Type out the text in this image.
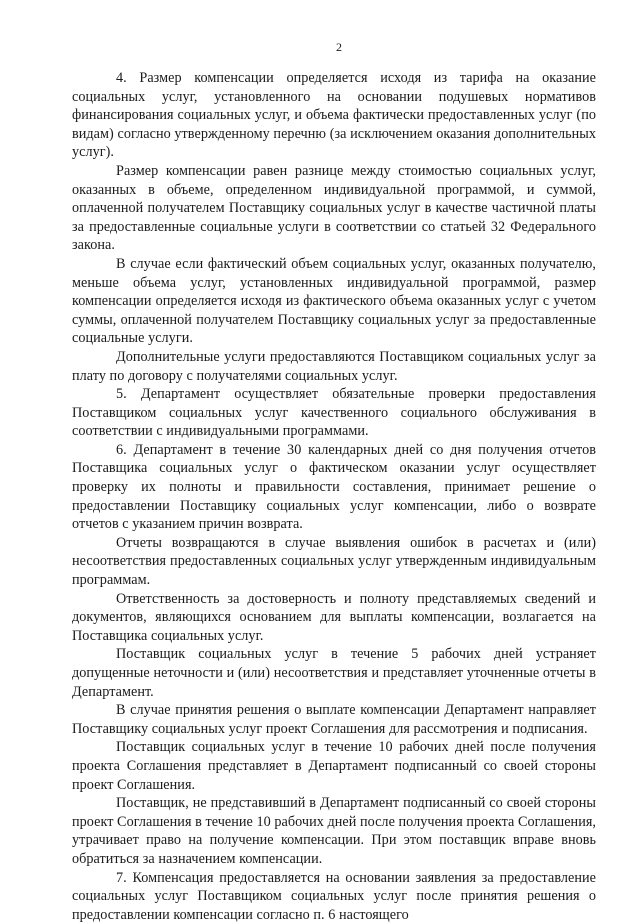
2

4. Размер компенсации определяется исходя из тарифа на оказание социальных услуг, установленного на основании подушевых нормативов финансирования социальных услуг, и объема фактически предоставленных услуг (по видам) согласно утвержденному перечню (за исключением оказания дополнительных услуг).

Размер компенсации равен разнице между стоимостью социальных услуг, оказанных в объеме, определенном индивидуальной программой, и суммой, оплаченной получателем Поставщику социальных услуг в качестве частичной платы за предоставленные социальные услуги в соответствии со статьей 32 Федерального закона.

В случае если фактический объем социальных услуг, оказанных получателю, меньше объема услуг, установленных индивидуальной программой, размер компенсации определяется исходя из фактического объема оказанных услуг с учетом суммы, оплаченной получателем Поставщику социальных услуг за предоставленные социальные услуги.

Дополнительные услуги предоставляются Поставщиком социальных услуг за плату по договору с получателями социальных услуг.

5. Департамент осуществляет обязательные проверки предоставления Поставщиком социальных услуг качественного социального обслуживания в соответствии с индивидуальными программами.

6. Департамент в течение 30 календарных дней со дня получения отчетов Поставщика социальных услуг о фактическом оказании услуг осуществляет проверку их полноты и правильности составления, принимает решение о предоставлении Поставщику социальных услуг компенсации, либо о возврате отчетов с указанием причин возврата.

Отчеты возвращаются в случае выявления ошибок в расчетах и (или) несоответствия предоставленных социальных услуг утвержденным индивидуальным программам.

Ответственность за достоверность и полноту представляемых сведений и документов, являющихся основанием для выплаты компенсации, возлагается на Поставщика социальных услуг.

Поставщик социальных услуг в течение 5 рабочих дней устраняет допущенные неточности и (или) несоответствия и представляет уточненные отчеты в Департамент.

В случае принятия решения о выплате компенсации Департамент направляет Поставщику социальных услуг проект Соглашения для рассмотрения и подписания.

Поставщик социальных услуг в течение 10 рабочих дней после получения проекта Соглашения представляет в Департамент подписанный со своей стороны проект Соглашения.

Поставщик, не представивший в Департамент подписанный со своей стороны проект Соглашения в течение 10 рабочих дней после получения проекта Соглашения, утрачивает право на получение компенсации. При этом поставщик вправе вновь обратиться за назначением компенсации.

7. Компенсация предоставляется на основании заявления за предоставление социальных услуг Поставщиком социальных услуг после принятия решения о предоставлении компенсации согласно п. 6 настоящего
